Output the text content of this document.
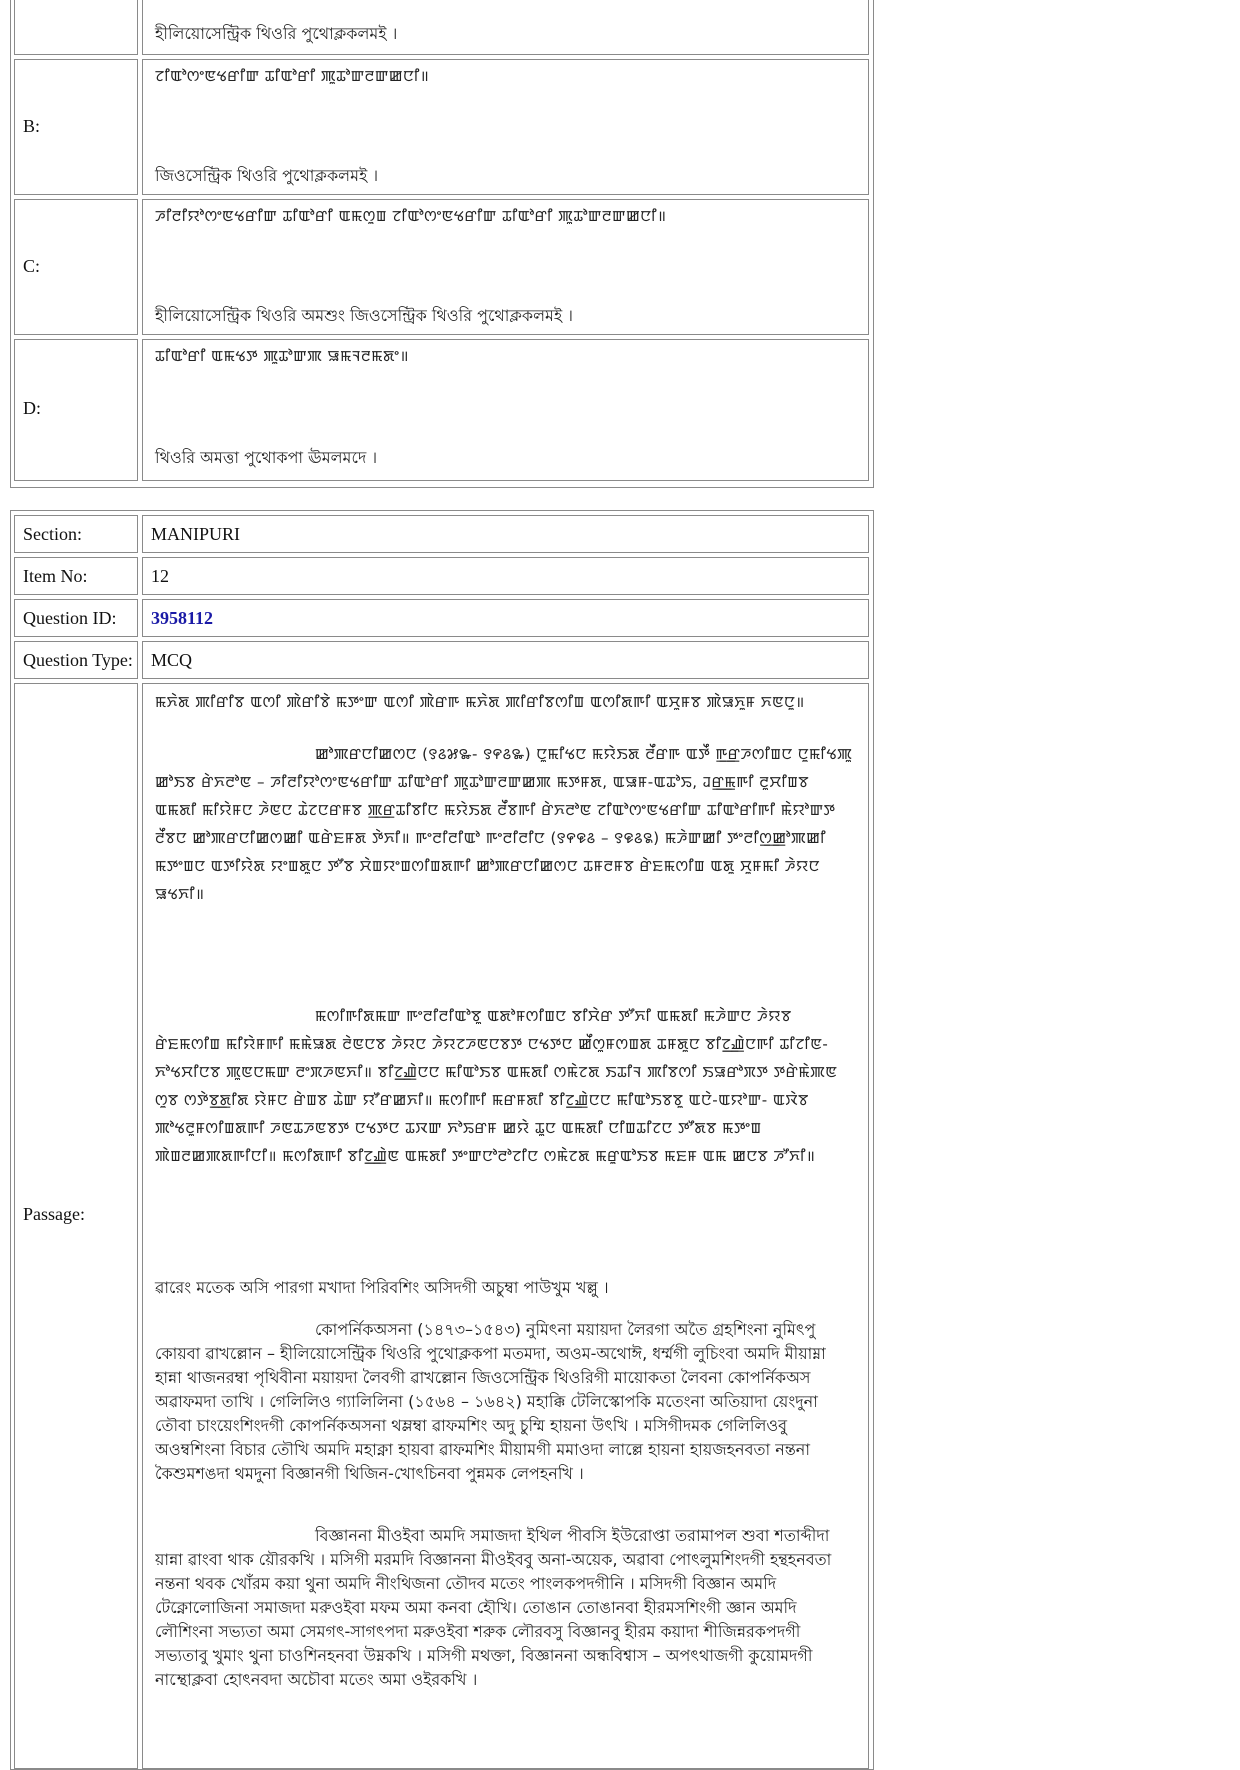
হীলিয়োসেন্ট্রিক থিওরি পুথোক্লকলমই ।
B:
ꯖꯤꯑꯣꯁꯦꯟꯠꯔꯤꯛ ꯊꯤꯑꯣꯔꯤ ꯄꯨꯊꯣꯛꯂꯛꯀꯅꯤ॥
জিওসেন্ট্রিক থিওরি পুথোক্লকলমই ।
C:
ꯍꯤꯂꯤꯌꯣꯁꯦꯟꯠꯔꯤꯛ ꯊꯤꯑꯣꯔꯤ ꯑꯃꯁꯨꯡ ꯖꯤꯑꯣꯁꯦꯟꯠꯔꯤꯛ ꯊꯤꯑꯣꯔꯤ ꯄꯨꯊꯣꯛꯂꯛꯀꯅꯤ॥
হীলিয়োসেন্ট্রিক থিওরি অমশুং জিওসেন্ট্রিক থিওরি পুথোক্লকলমই ।
D:
ꯊꯤꯑꯣꯔꯤ ꯑꯃꯠꯇ ꯄꯨꯊꯣꯛꯄ ꯎꯃꯜꯂꯃꯗꯦ॥
থিওরি অমত্তা পুথোকপা ঊমলমদে ।
Section:	MANIPURI
Item No:	12
Question ID: 3958112
Question Type: MCQ
Passage:
ꯃꯈꯥꯗ ꯄꯤꯔꯤꯕ ꯑꯁꯤ ꯄꯥꯔꯤꯕꯥ ꯃꯇꯦꯛ ꯑꯁꯤ ꯄꯥꯔꯒ ꯃꯈꯥꯗ ꯄꯤꯔꯤꯕꯁꯤꯡ ꯑꯁꯤꯗꯒꯤ ꯑꯆꯨꯝꯕ ꯄꯥꯎꯈꯨꯝ ꯈꯟꯅꯨ॥
ꯀꯣꯄꯔꯅꯤꯀꯁꯅ (꯱꯴꯷꯳- ꯱꯵꯴꯳) ꯅꯨꯃꯤꯠꯅ ꯃꯌꯥꯏꯗ ꯂꯩꯔꯒ ꯑꯇꯩ ꯒ꯭ꯔꯍꯁꯤꯡꯅ ꯅꯨꯃꯤꯠꯄꯨ ꯀꯣꯏꯕ ꯔꯥꯈꯂꯣꯟ – ꯍꯤꯂꯤꯌꯣꯁꯦꯟꯠꯔꯤꯛ ꯊꯤꯑꯣꯔꯤ ꯄꯨꯊꯣꯛꯂꯛꯀꯄ ꯃꯇꯝꯗ, ꯑꯎꯝ-ꯑꯊꯣꯢ, ꯙꯔ꯭ꯃꯒꯤ ꯂꯨꯆꯤꯡꯕ ꯑꯃꯗꯤ ꯃꯤꯌꯥꯝꯅ ꯍꯥꯟꯅ ꯊꯥꯖꯅꯔꯝꯕ ꯄ꯭ꯔꯊꯤꯕꯤꯅ ꯃꯌꯥꯏꯗ ꯂꯩꯕꯒꯤ ꯔꯥꯈꯂꯣꯟ ꯖꯤꯑꯣꯁꯦꯟꯠꯔꯤꯛ ꯊꯤꯑꯣꯔꯤꯒꯤ ꯃꯥꯌꯣꯛꯇ ꯂꯩꯕꯅ ꯀꯣꯄꯔꯅꯤꯀꯁꯀꯤ ꯑꯔꯥꯐꯝꯗ ꯇꯥꯈꯤ॥ ꯒꯦꯂꯤꯂꯤꯑꯣ ꯒꯦꯂꯤꯂꯤꯅ (꯱꯵꯶꯴ – ꯱꯶꯴꯲) ꯃꯍꯥꯛꯀꯤ ꯇꯦꯂꯤꯁ꯭ꯀꯣꯄꯀꯤ ꯃꯇꯦꯡꯅ ꯑꯇꯤꯌꯥꯗ ꯌꯦꯡꯗꯨꯅ ꯇꯧꯕ ꯆꯥꯡꯌꯦꯡꯁꯤꯡꯗꯒꯤ ꯀꯣꯄꯔꯅꯤꯀꯁꯅ ꯊꯝꯂꯝꯕ ꯔꯥꯐꯃꯁꯤꯡ ꯑꯗꯨ ꯆꯨꯝꯃꯤ ꯍꯥꯌꯅ ꯎꯠꯈꯤ॥
ꯃꯁꯤꯒꯤꯗꯃꯛ ꯒꯦꯂꯤꯂꯤꯑꯣꯕꯨ ꯑꯗꯣꯝꯁꯤꯡꯅ ꯕꯤꯆꯥꯔ ꯇꯧꯈꯤ ꯑꯃꯗꯤ ꯃꯍꯥꯛꯅ ꯍꯥꯌꯕ ꯔꯥꯐꯃꯁꯤꯡ ꯃꯤꯌꯥꯝꯒꯤ ꯃꯃꯥꯎꯗ ꯂꯥꯟꯅꯕ ꯍꯥꯌꯅ ꯍꯥꯌꯖꯍꯟꯅꯕꯇ ꯅꯠꯇꯅ ꯀꯩꯁꯨꯝꯁꯡꯗ ꯊꯝꯗꯨꯅ ꯕꯤꯖ꯭ꯉꯥꯅꯒꯤ ꯊꯤꯖꯤꯟ-ꯈꯣꯠꯆꯤꯅꯕ ꯄꯨꯟꯅꯃꯛ ꯂꯦꯞꯍꯟꯈꯤ॥ ꯕꯤꯖ꯭ꯉꯥꯅꯅ ꯃꯤꯑꯣꯏꯕ ꯑꯃꯗꯤ ꯁꯃꯥꯖꯗ ꯏꯊꯤꯜ ꯄꯤꯕꯁꯤ ꯏꯎꯔꯣꯞꯇ ꯇꯔꯥꯃꯥꯄꯟ ꯁꯨꯕ ꯁꯇꯥꯕ꯭ꯗꯤꯗ ꯌꯥꯝꯅ ꯔꯥꯡꯕ ꯊꯥꯛ ꯌꯧꯔꯀꯈꯤ॥ ꯃꯁꯤꯒꯤ ꯃꯔꯝꯗꯤ ꯕꯤꯖ꯭ꯉꯥꯅꯅ ꯃꯤꯑꯣꯏꯕꯕꯨ ꯑꯅꯥ-ꯑꯌꯣꯛ- ꯑꯋꯥꯕ ꯄꯣꯠꯂꯨꯝꯁꯤꯡꯗꯒꯤ ꯍꯟꯊꯍꯟꯕꯇ ꯅꯠꯇꯅ ꯊꯋꯛ ꯈꯣꯢꯔꯝ ꯀꯌꯥ ꯊꯨꯅ ꯑꯃꯗꯤ ꯅꯤꯡꯊꯤꯖꯅ ꯇꯧꯗꯕ ꯃꯇꯦꯡ ꯄꯥꯡꯂꯀꯄꯗꯒꯤꯅꯤ॥ ꯃꯁꯤꯗꯒꯤ ꯕꯤꯖ꯭ꯉꯥꯟ ꯑꯃꯗꯤ ꯇꯦꯛꯅꯣꯂꯣꯖꯤꯅ ꯁꯃꯥꯖꯗ ꯃꯔꯨꯑꯣꯏꯕ ꯃꯐꯝ ꯑꯃ ꯀꯅꯕ ꯍꯧꯈꯤ॥
ৱারেং মতেক অসি পারগা মখাদা পিরিবশিং অসিদগী অচুম্বা পাউখুম খল্লু ।
কোপর্নিকঅসনা (১৪৭৩–১৫৪৩) নুমিৎনা ময়ায়দা লৈরগা অতৈ গ্রহশিংনা নুমিৎপু কোয়বা ৱাখল্লোন – হীলিয়োসেন্ট্রিক থিওরি পুথোক্লকপা মতমদা, অওম-অথোঈ, ধর্ম্মগী লুচিংবা অমদি মীয়াম্না হান্না থাজনরম্বা পৃথিবীনা ময়ায়দা লৈবগী ৱাখল্লোন জিওসেন্ট্রিক থিওরিগী মায়োকতা লৈবনা কোপর্নিকঅস অৱাফমদা তাখি । গেলিলিও গ্যালিলিনা (১৫৬৪ – ১৬৪২) মহাক্কি টেলিস্কোপকি মতেংনা অতিয়াদা য়েংদুনা তৌবা চাংয়েংশিংদগী কোপর্নিকঅসনা থম্লম্বা ৱাফমশিং অদু চুম্মি হায়না উৎখি । মসিগীদমক গেলিলিওবু অওম্বশিংনা বিচার তৌখি অমদি মহাক্না হায়বা ৱাফমশিং মীয়ামগী মমাওদা লাল্লে হায়না হায়জহনবতা নন্তনা কৈশুমশঙদা থমদুনা বিজ্ঞানগী থিজিন-খোৎচিনবা পুন্নমক লেপহনখি ।
বিজ্ঞাননা মীওইবা অমদি সমাজদা ইথিল পীবসি ইউরোপ্তা তরামাপল শুবা শতাব্দীদা য়ান্না ৱাংবা থাক য়ৌরকখি । মসিগী মরমদি বিজ্ঞাননা মীওইববু অনা-অয়েক, অৱাবা পোৎলুমশিংদগী হন্থহনবতা নন্তনা থবক খোঁরম কয়া থুনা অমদি নীংথিজনা তৌদব মতেং পাংলকপদগীনি । মসিদগী বিজ্ঞান অমদি টেক্নোলোজিনা সমাজদা মরুওইবা মফম অমা কনবা হৌখি। তোঙান তোঙানবা হীরমসশিংগী জ্ঞান অমদি লৌশিংনা সভ্যতা অমা সেমগৎ-সাগৎপদা মরুওইবা শরুক লৌরবসু বিজ্ঞানবু হীরম কয়াদা শীজিন্নরকপদগী সভ্যতাবু খুমাং থুনা চাওশিনহনবা উম্নকখি । মসিগী মথক্তা, বিজ্ঞাননা অন্ধবিশ্বাস – অপৎথাজগী কুয়োমদগী নাম্থোক্লবা হোৎনবদা অচৌবা মতেং অমা ওইরকখি ।
